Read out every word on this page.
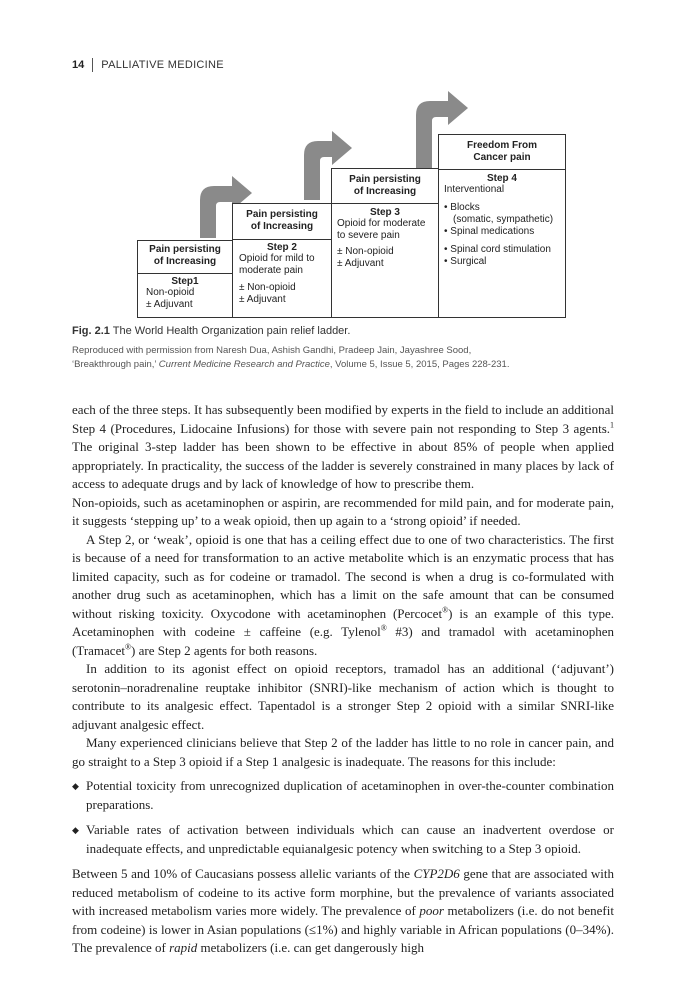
14 PALLIATIVE MEDICINE
Pain persisting
of Increasing
Step1
Non-opioid
± Adjuvant
Pain persisting
of Increasing
Step 2
Opioid for mild to
moderate pain
± Non-opioid
± Adjuvant
Pain persisting
of Increasing
Step 3
Opioid for moderate
to severe pain
± Non-opioid
± Adjuvant
Freedom From
Cancer pain
Step 4
Interventional
• Blocks
(somatic, sympathetic)
• Spinal medications
• Spinal cord stimulation
• Surgical
Fig. 2.1 The World Health Organization pain relief ladder.
Reproduced with permission from Naresh Dua, Ashish Gandhi, Pradeep Jain, Jayashree Sood,
‘Breakthrough pain,’ Current Medicine Research and Practice, Volume 5, Issue 5, 2015, Pages 228-231.

each of the three steps. It has subsequently been modified by experts in the field to include an additional Step 4 (Procedures, Lidocaine Infusions) for those with severe pain not responding to Step 3 agents.$^1$ The original 3-step ladder has been shown to be effective in about 85% of people when applied appropriately. In practicality, the success of the ladder is severely constrained in many places by lack of access to adequate drugs and by lack of knowledge of how to prescribe them.

Non-opioids, such as acetaminophen or aspirin, are recommended for mild pain, and for moderate pain, it suggests ‘stepping up’ to a weak opioid, then up again to a ‘strong opioid’ if needed.

A Step 2, or ‘weak’, opioid is one that has a ceiling effect due to one of two characteristics. The first is because of a need for transformation to an active metabolite which is an enzymatic process that has limited capacity, such as for codeine or tramadol. The second is when a drug is co-formulated with another drug such as acetaminophen, which has a limit on the safe amount that can be consumed without risking toxicity. Oxycodone with acetaminophen (Percocet®) is an example of this type. Acetaminophen with codeine ± caffeine (e.g. Tylenol® #3) and tramadol with acetaminophen (Tramacet®) are Step 2 agents for both reasons.

In addition to its agonist effect on opioid receptors, tramadol has an additional (‘adjuvant’) serotonin–noradrenaline reuptake inhibitor (SNRI)-like mechanism of action which is thought to contribute to its analgesic effect. Tapentadol is a stronger Step 2 opioid with a similar SNRI-like adjuvant analgesic effect.

Many experienced clinicians believe that Step 2 of the ladder has little to no role in cancer pain, and go straight to a Step 3 opioid if a Step 1 analgesic is inadequate. The reasons for this include:

◆ Potential toxicity from unrecognized duplication of acetaminophen in over-the-counter combination preparations.
◆ Variable rates of activation between individuals which can cause an inadvertent overdose or inadequate effects, and unpredictable equianalgesic potency when switching to a Step 3 opioid.

Between 5 and 10% of Caucasians possess allelic variants of the CYP2D6 gene that are associated with reduced metabolism of codeine to its active form morphine, but the prevalence of variants associated with increased metabolism varies more widely. The prevalence of poor metabolizers (i.e. do not benefit from codeine) is lower in Asian populations (≤1%) and highly variable in African populations (0–34%). The prevalence of rapid metabolizers (i.e. can get dangerously high
